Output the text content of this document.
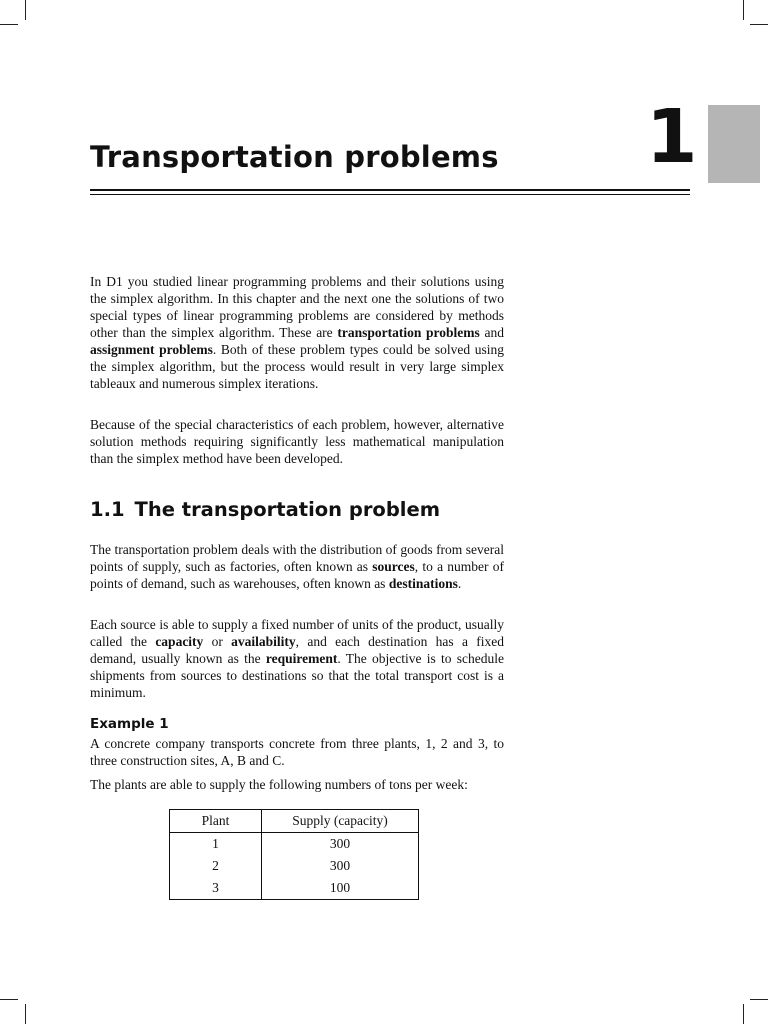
Transportation problems 1

In D1 you studied linear programming problems and their solutions using the simplex algorithm. In this chapter and the next one the solutions of two special types of linear programming problems are considered by methods other than the simplex algorithm. These are transportation problems and assignment problems. Both of these problem types could be solved using the simplex algorithm, but the process would result in very large simplex tableaux and numerous simplex iterations.

Because of the special characteristics of each problem, however, alternative solution methods requiring significantly less mathematical manipulation than the simplex method have been developed.

1.1 The transportation problem

The transportation problem deals with the distribution of goods from several points of supply, such as factories, often known as sources, to a number of points of demand, such as warehouses, often known as destinations.

Each source is able to supply a fixed number of units of the product, usually called the capacity or availability, and each destination has a fixed demand, usually known as the requirement. The objective is to schedule shipments from sources to destinations so that the total transport cost is a minimum.

Example 1

A concrete company transports concrete from three plants, 1, 2 and 3, to three construction sites, A, B and C.

The plants are able to supply the following numbers of tons per week:

Plant	Supply (capacity)
1	300
2	300
3	100
